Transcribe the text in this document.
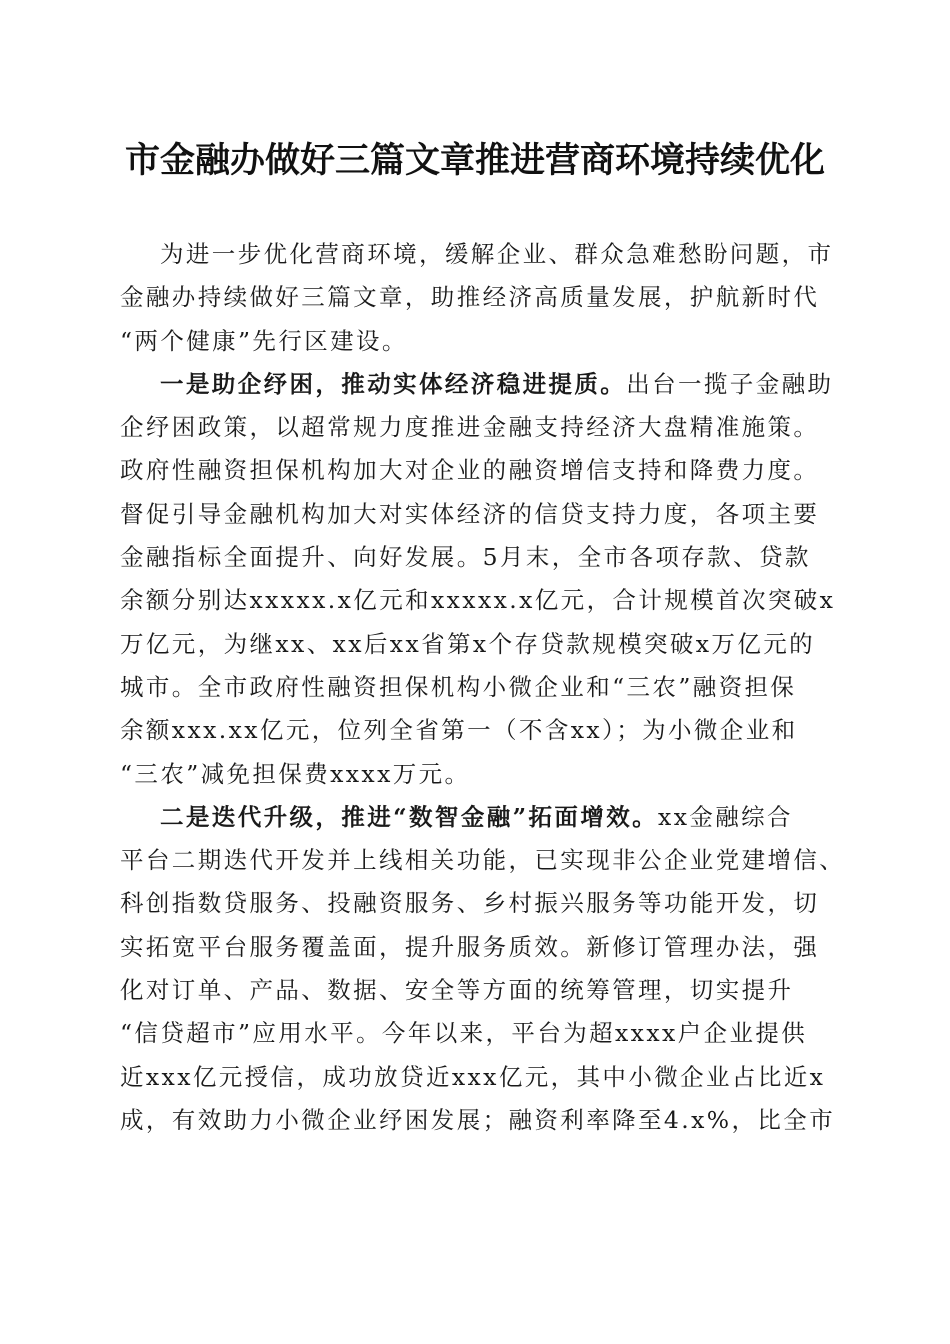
市金融办做好三篇文章推进营商环境持续优化
为进一步优化营商环境，缓解企业、群众急难愁盼问题，市
金融办持续做好三篇文章，助推经济高质量发展，护航新时代
“两个健康”先行区建设。
一是助企纾困，推动实体经济稳进提质。出台一揽子金融助
企纾困政策，以超常规力度推进金融支持经济大盘精准施策。
政府性融资担保机构加大对企业的融资增信支持和降费力度。
督促引导金融机构加大对实体经济的信贷支持力度，各项主要
金融指标全面提升、向好发展。5月末，全市各项存款、贷款
余额分别达xxxxx.x亿元和xxxxx.x亿元，合计规模首次突破x
万亿元，为继xx、xx后xx省第x个存贷款规模突破x万亿元的
城市。全市政府性融资担保机构小微企业和“三农”融资担保
余额xxx.xx亿元，位列全省第一（不含xx）；为小微企业和
“三农”减免担保费xxxx万元。
二是迭代升级，推进“数智金融”拓面增效。xx金融综合
平台二期迭代开发并上线相关功能，已实现非公企业党建增信、
科创指数贷服务、投融资服务、乡村振兴服务等功能开发，切
实拓宽平台服务覆盖面，提升服务质效。新修订管理办法，强
化对订单、产品、数据、安全等方面的统筹管理，切实提升
“信贷超市”应用水平。今年以来，平台为超xxxx户企业提供
近xxx亿元授信，成功放贷近xxx亿元，其中小微企业占比近x
成，有效助力小微企业纾困发展；融资利率降至4.x%，比全市
